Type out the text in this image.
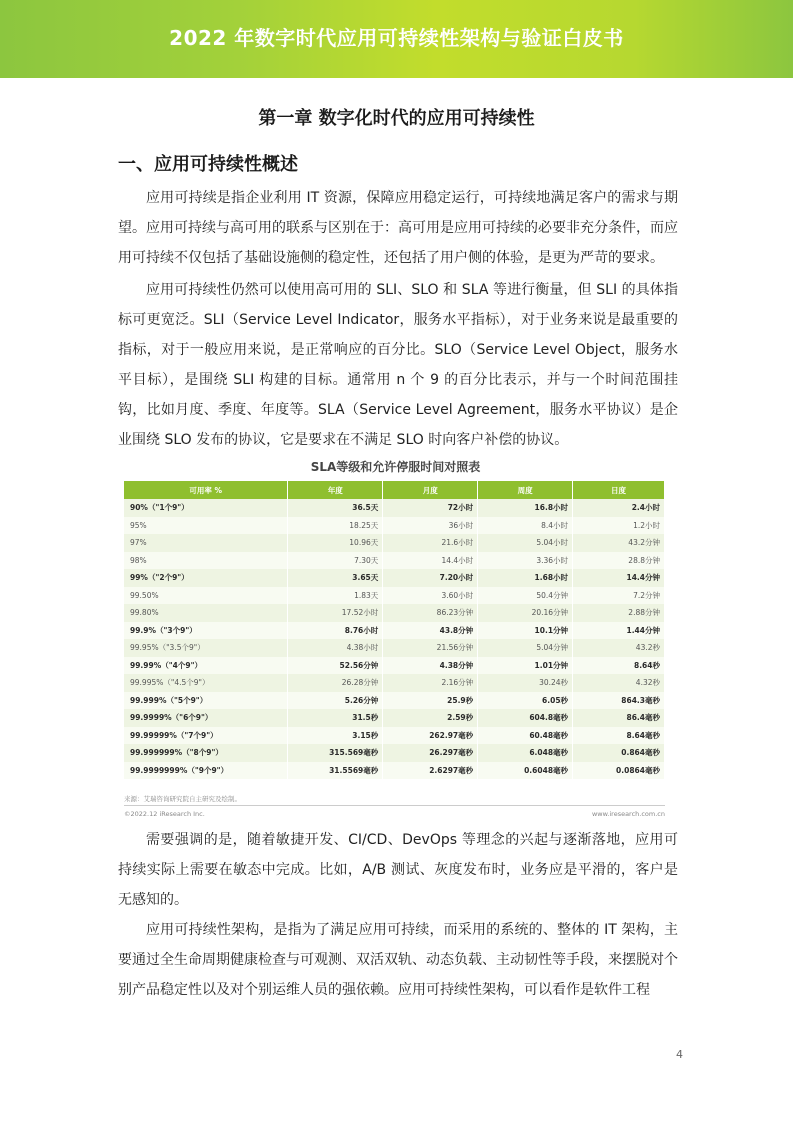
2022 年数字时代应用可持续性架构与验证白皮书
第一章 数字化时代的应用可持续性
一、应用可持续性概述

应用可持续是指企业利用 IT 资源，保障应用稳定运行，可持续地满足客户的需求与期望。应用可持续与高可用的联系与区别在于：高可用是应用可持续的必要非充分条件，而应用可持续不仅包括了基础设施侧的稳定性，还包括了用户侧的体验，是更为严苛的要求。

应用可持续性仍然可以使用高可用的 SLI、SLO 和 SLA 等进行衡量，但 SLI 的具体指标可更宽泛。SLI（Service Level Indicator，服务水平指标），对于业务来说是最重要的指标，对于一般应用来说，是正常响应的百分比。SLO（Service Level Object，服务水平目标），是围绕 SLI 构建的目标。通常用 n 个 9 的百分比表示，并与一个时间范围挂钩，比如月度、季度、年度等。SLA（Service Level Agreement，服务水平协议）是企业围绕 SLO 发布的协议，它是要求在不满足 SLO 时向客户补偿的协议。

SLA等级和允许停服时间对照表
可用率 %	年度	月度	周度	日度
90%（"1个9"）	36.5天	72小时	16.8小时	2.4小时
95%	18.25天	36小时	8.4小时	1.2小时
97%	10.96天	21.6小时	5.04小时	43.2分钟
98%	7.30天	14.4小时	3.36小时	28.8分钟
99%（"2个9"）	3.65天	7.20小时	1.68小时	14.4分钟
99.50%	1.83天	3.60小时	50.4分钟	7.2分钟
99.80%	17.52小时	86.23分钟	20.16分钟	2.88分钟
99.9%（"3个9"）	8.76小时	43.8分钟	10.1分钟	1.44分钟
99.95%（"3.5个9"）	4.38小时	21.56分钟	5.04分钟	43.2秒
99.99%（"4个9"）	52.56分钟	4.38分钟	1.01分钟	8.64秒
99.995%（"4.5个9"）	26.28分钟	2.16分钟	30.24秒	4.32秒
99.999%（"5个9"）	5.26分钟	25.9秒	6.05秒	864.3毫秒
99.9999%（"6个9"）	31.5秒	2.59秒	604.8毫秒	86.4毫秒
99.99999%（"7个9"）	3.15秒	262.97毫秒	60.48毫秒	8.64毫秒
99.999999%（"8个9"）	315.569毫秒	26.297毫秒	6.048毫秒	0.864毫秒
99.9999999%（"9个9"）	31.5569毫秒	2.6297毫秒	0.6048毫秒	0.0864毫秒
来源：艾瑞咨询研究院自主研究及绘制。
©2022.12 iResearch Inc.	www.iresearch.com.cn

需要强调的是，随着敏捷开发、CI/CD、DevOps 等理念的兴起与逐渐落地，应用可持续实际上需要在敏态中完成。比如，A/B 测试、灰度发布时，业务应是平滑的，客户是无感知的。

应用可持续性架构，是指为了满足应用可持续，而采用的系统的、整体的 IT 架构，主要通过全生命周期健康检查与可观测、双活双轨、动态负载、主动韧性等手段，来摆脱对个别产品稳定性以及对个别运维人员的强依赖。应用可持续性架构，可以看作是软件工程

4
